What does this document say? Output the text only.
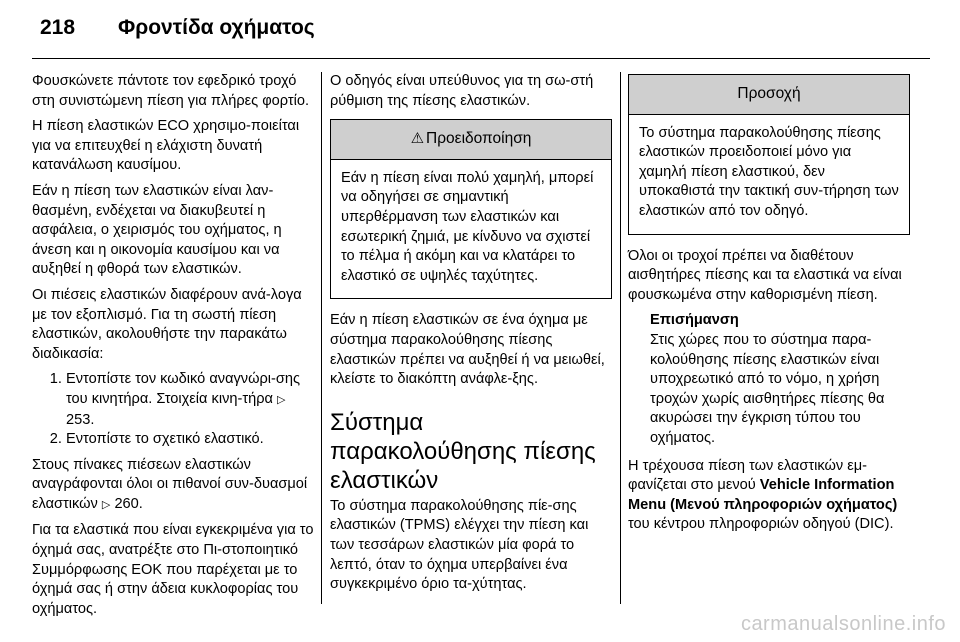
218 Φροντίδα οχήματος

Φουσκώνετε πάντοτε τον εφεδρικό τροχό στη συνιστώμενη πίεση για πλήρες φορτίο.

Η πίεση ελαστικών ECO χρησιμο-ποιείται για να επιτευχθεί η ελάχιστη δυνατή κατανάλωση καυσίμου.

Εάν η πίεση των ελαστικών είναι λαν-θασμένη, ενδέχεται να διακυβευτεί η ασφάλεια, ο χειρισμός του οχήματος, η άνεση και η οικονομία καυσίμου και να αυξηθεί η φθορά των ελαστικών.

Οι πιέσεις ελαστικών διαφέρουν ανά-λογα με τον εξοπλισμό. Για τη σωστή πίεση ελαστικών, ακολουθήστε την παρακάτω διαδικασία:

1. Εντοπίστε τον κωδικό αναγνώρι-σης του κινητήρα. Στοιχεία κινη-τήρα ▷ 253.
2. Εντοπίστε το σχετικό ελαστικό.

Στους πίνακες πιέσεων ελαστικών αναγράφονται όλοι οι πιθανοί συν-δυασμοί ελαστικών ▷ 260.

Για τα ελαστικά που είναι εγκεκριμένα για το όχημά σας, ανατρέξτε στο Πι-στοποιητικό Συμμόρφωσης ΕΟΚ που παρέχεται με το όχημά σας ή στην άδεια κυκλοφορίας του οχήματος.

Ο οδηγός είναι υπεύθυνος για τη σω-στή ρύθμιση της πίεσης ελαστικών.

⚠ Προειδοποίηση
Εάν η πίεση είναι πολύ χαμηλή, μπορεί να οδηγήσει σε σημαντική υπερθέρμανση των ελαστικών και εσωτερική ζημιά, με κίνδυνο να σχιστεί το πέλμα ή ακόμη και να κλατάρει το ελαστικό σε υψηλές ταχύτητες.

Εάν η πίεση ελαστικών σε ένα όχημα με σύστημα παρακολούθησης πίεσης ελαστικών πρέπει να αυξηθεί ή να μειωθεί, κλείστε το διακόπτη ανάφλε-ξης.

Σύστημα παρακολούθησης πίεσης ελαστικών

Το σύστημα παρακολούθησης πίε-σης ελαστικών (TPMS) ελέγχει την πίεση και των τεσσάρων ελαστικών μία φορά το λεπτό, όταν το όχημα υπερβαίνει ένα συγκεκριμένο όριο τα-χύτητας.

Προσοχή
Το σύστημα παρακολούθησης πίεσης ελαστικών προειδοποιεί μόνο για χαμηλή πίεση ελαστικού, δεν υποκαθιστά την τακτική συν-τήρηση των ελαστικών από τον οδηγό.

Όλοι οι τροχοί πρέπει να διαθέτουν αισθητήρες πίεσης και τα ελαστικά να είναι φουσκωμένα στην καθορισμένη πίεση.

Επισήμανση
Στις χώρες που το σύστημα παρα-κολούθησης πίεσης ελαστικών είναι υποχρεωτικό από το νόμο, η χρήση τροχών χωρίς αισθητήρες πίεσης θα ακυρώσει την έγκριση τύπου του οχήματος.

Η τρέχουσα πίεση των ελαστικών εμ-φανίζεται στο μενού Vehicle Information Menu (Μενού πληροφοριών οχήματος) του κέντρου πληροφοριών οδηγού (DIC).

carmanualsonline.info
